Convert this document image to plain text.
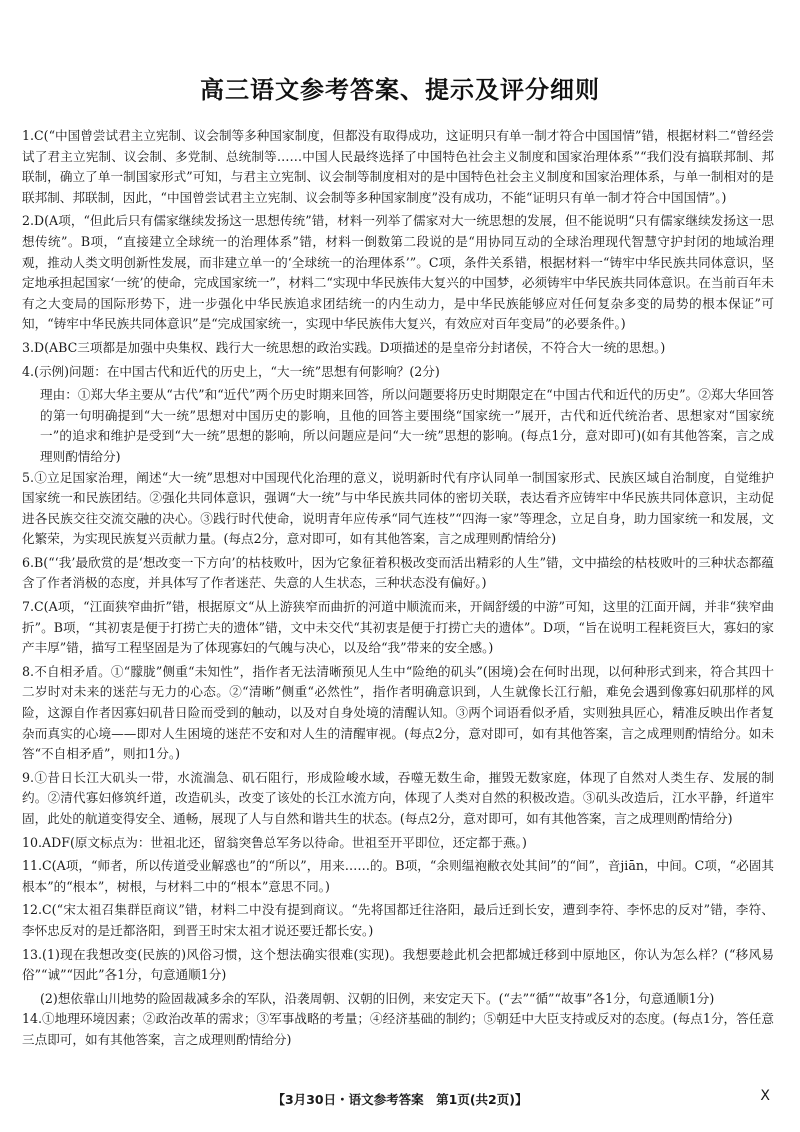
高三语文参考答案、提示及评分细则

1.C(“中国曾尝试君主立宪制、议会制等多种国家制度，但都没有取得成功，这证明只有单一制才符合中国国情”错，根据材料二“曾经尝试了君主立宪制、议会制、多党制、总统制等……中国人民最终选择了中国特色社会主义制度和国家治理体系”“我们没有搞联邦制、邦联制，确立了单一制国家形式”可知，与君主立宪制、议会制等制度相对的是中国特色社会主义制度和国家治理体系，与单一制相对的是联邦制、邦联制，因此，“中国曾尝试君主立宪制、议会制等多种国家制度”没有成功，不能“证明只有单一制才符合中国国情”。)

2.D(A项，“但此后只有儒家继续发扬这一思想传统”错，材料一列举了儒家对大一统思想的发展，但不能说明“只有儒家继续发扬这一思想传统”。B项，“直接建立全球统一的治理体系”错，材料一倒数第二段说的是“用协同互动的全球治理现代智慧守护封闭的地域治理观，推动人类文明创新性发展，而非建立单一的‘全球统一的治理体系’”。C项，条件关系错，根据材料一“铸牢中华民族共同体意识，坚定地承担起国家‘一统’的使命，完成国家统一”，材料二“实现中华民族伟大复兴的中国梦，必须铸牢中华民族共同体意识。在当前百年未有之大变局的国际形势下，进一步强化中华民族追求团结统一的内生动力，是中华民族能够应对任何复杂多变的局势的根本保证”可知，“铸牢中华民族共同体意识”是“完成国家统一，实现中华民族伟大复兴，有效应对百年变局”的必要条件。)

3.D(ABC三项都是加强中央集权、践行大一统思想的政治实践。D项描述的是皇帝分封诸侯，不符合大一统的思想。)

4.(示例)问题：在中国古代和近代的历史上，“大一统”思想有何影响？(2分)

理由：①郑大华主要从“古代”和“近代”两个历史时期来回答，所以问题要将历史时期限定在“中国古代和近代的历史”。②郑大华回答的第一句明确提到“大一统”思想对中国历史的影响，且他的回答主要围绕“国家统一”展开，古代和近代统治者、思想家对“国家统一”的追求和维护是受到“大一统”思想的影响，所以问题应是问“大一统”思想的影响。(每点1分，意对即可)(如有其他答案，言之成理则酌情给分)

5.①立足国家治理，阐述“大一统”思想对中国现代化治理的意义，说明新时代有序认同单一制国家形式、民族区域自治制度，自觉维护国家统一和民族团结。②强化共同体意识，强调“大一统”与中华民族共同体的密切关联，表达看齐应铸牢中华民族共同体意识，主动促进各民族交往交流交融的决心。③践行时代使命，说明青年应传承“同气连枝”“四海一家”等理念，立足自身，助力国家统一和发展，文化繁荣，为实现民族复兴贡献力量。(每点2分，意对即可，如有其他答案，言之成理则酌情给分)

6.B(“‘我’最欣赏的是‘想改变一下方向’的枯枝败叶，因为它象征着积极改变而活出精彩的人生”错，文中描绘的枯枝败叶的三种状态都蕴含了作者消极的态度，并具体写了作者迷茫、失意的人生状态，三种状态没有偏好。)

7.C(A项，“江面狭窄曲折”错，根据原文“从上游狭窄而曲折的河道中顺流而来，开阔舒缓的中游”可知，这里的江面开阔，并非“狭窄曲折”。B项，“其初衷是便于打捞亡夫的遗体”错，文中未交代“其初衷是便于打捞亡夫的遗体”。D项，“旨在说明工程耗资巨大，寡妇的家产丰厚”错，描写工程坚固是为了体现寡妇的气魄与决心，以及给“我”带来的安全感。)

8.不自相矛盾。①“朦胧”侧重“未知性”，指作者无法清晰预见人生中“险绝的矶头”(困境)会在何时出现，以何种形式到来，符合其四十二岁时对未来的迷茫与无力的心态。②“清晰”侧重“必然性”，指作者明确意识到，人生就像长江行船，难免会遇到像寡妇矶那样的风险，这源自作者因寡妇矶昔日险而受到的触动，以及对自身处境的清醒认知。③两个词语看似矛盾，实则独具匠心，精准反映出作者复杂而真实的心境——即对人生困境的迷茫不安和对人生的清醒审视。(每点2分，意对即可，如有其他答案，言之成理则酌情给分。如未答“不自相矛盾”，则扣1分。)

9.①昔日长江大矶头一带，水流湍急、矶石阻行，形成险峻水域，吞噬无数生命，摧毁无数家庭，体现了自然对人类生存、发展的制约。②清代寡妇修筑纤道，改造矶头，改变了该处的长江水流方向，体现了人类对自然的积极改造。③矶头改造后，江水平静，纤道牢固，此处的航道变得安全、通畅，展现了人与自然和谐共生的状态。(每点2分，意对即可，如有其他答案，言之成理则酌情给分)

10.ADF(原文标点为：世祖北还，留翁突鲁总军务以待命。世祖至开平即位，还定都于燕。)

11.C(A项，“师者，所以传道受业解惑也”的“所以”，用来……的。B项，“余则缊袍敝衣处其间”的“间”，音jiān，中间。C项，“必固其根本”的“根本”，树根，与材料二中的“根本”意思不同。)

12.C(“宋太祖召集群臣商议”错，材料二中没有提到商议。“先将国都迁往洛阳，最后迁到长安，遭到李符、李怀忠的反对”错，李符、李怀忠反对的是迁都洛阳，到晋王时宋太祖才说还要迁都长安。)

13.(1)现在我想改变(民族的)风俗习惯，这个想法确实很难(实现)。我想要趁此机会把都城迁移到中原地区，你认为怎么样？(“移风易俗”“诚”“因此”各1分，句意通顺1分)

(2)想依靠山川地势的险固裁减多余的军队，沿袭周朝、汉朝的旧例，来安定天下。(“去”“循”“故事”各1分，句意通顺1分)

14.①地理环境因素；②政治改革的需求；③军事战略的考量；④经济基础的制约；⑤朝廷中大臣支持或反对的态度。(每点1分，答任意三点即可，如有其他答案，言之成理则酌情给分)

【3月30日・语文参考答案　第1页(共2页)】	X
